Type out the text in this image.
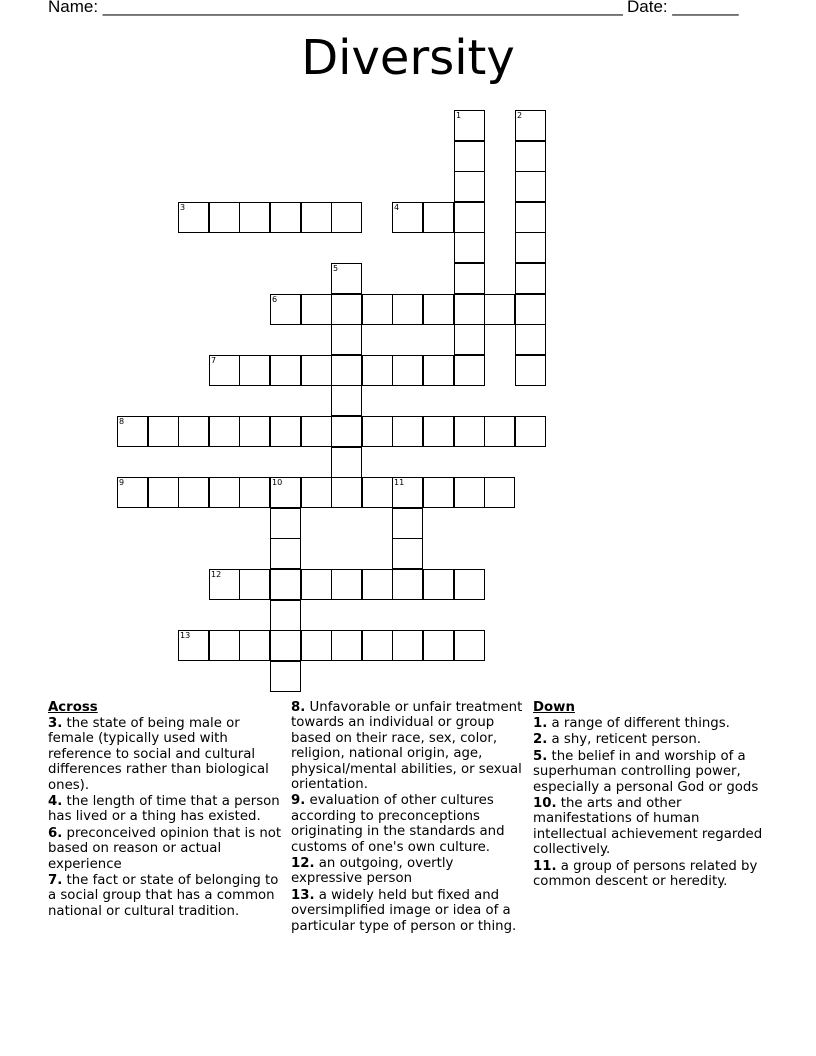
Name: _______________________________________________________ Date: _______
Diversity
1	2
3	4
5
6
7
8
9	10	11
12
13
Across
3. the state of being male or female (typically used with reference to social and cultural differences rather than biological ones).
4. the length of time that a person has lived or a thing has existed.
6. preconceived opinion that is not based on reason or actual experience
7. the fact or state of belonging to a social group that has a common national or cultural tradition.
8. Unfavorable or unfair treatment towards an individual or group based on their race, sex, color, religion, national origin, age, physical/mental abilities, or sexual orientation.
9. evaluation of other cultures according to preconceptions originating in the standards and customs of one's own culture.
12. an outgoing, overtly expressive person
13. a widely held but fixed and oversimplified image or idea of a particular type of person or thing.
Down
1. a range of different things.
2. a shy, reticent person.
5. the belief in and worship of a superhuman controlling power, especially a personal God or gods
10. the arts and other manifestations of human intellectual achievement regarded collectively.
11. a group of persons related by common descent or heredity.
